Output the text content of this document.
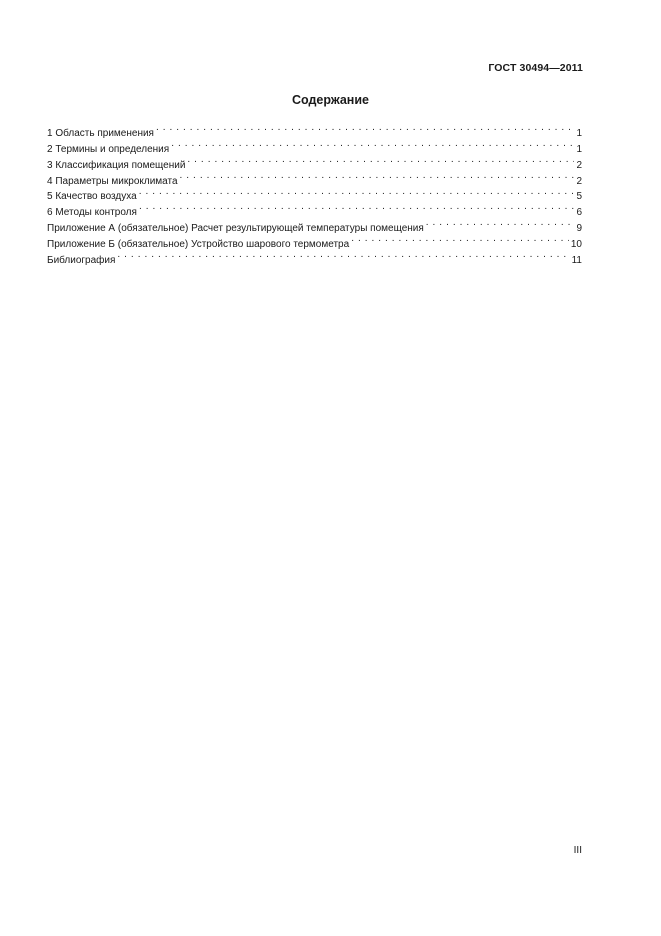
ГОСТ 30494—2011
Содержание
1 Область применения . . .	1
2 Термины и определения . . .	1
3 Классификация помещений . . .	2
4 Параметры микроклимата . . .	2
5 Качество воздуха . . .	5
6 Методы контроля . . .	6
Приложение А (обязательное) Расчет результирующей температуры помещения . . .	9
Приложение Б (обязательное) Устройство шарового термометра . . .	10
Библиография . . .	11
III
